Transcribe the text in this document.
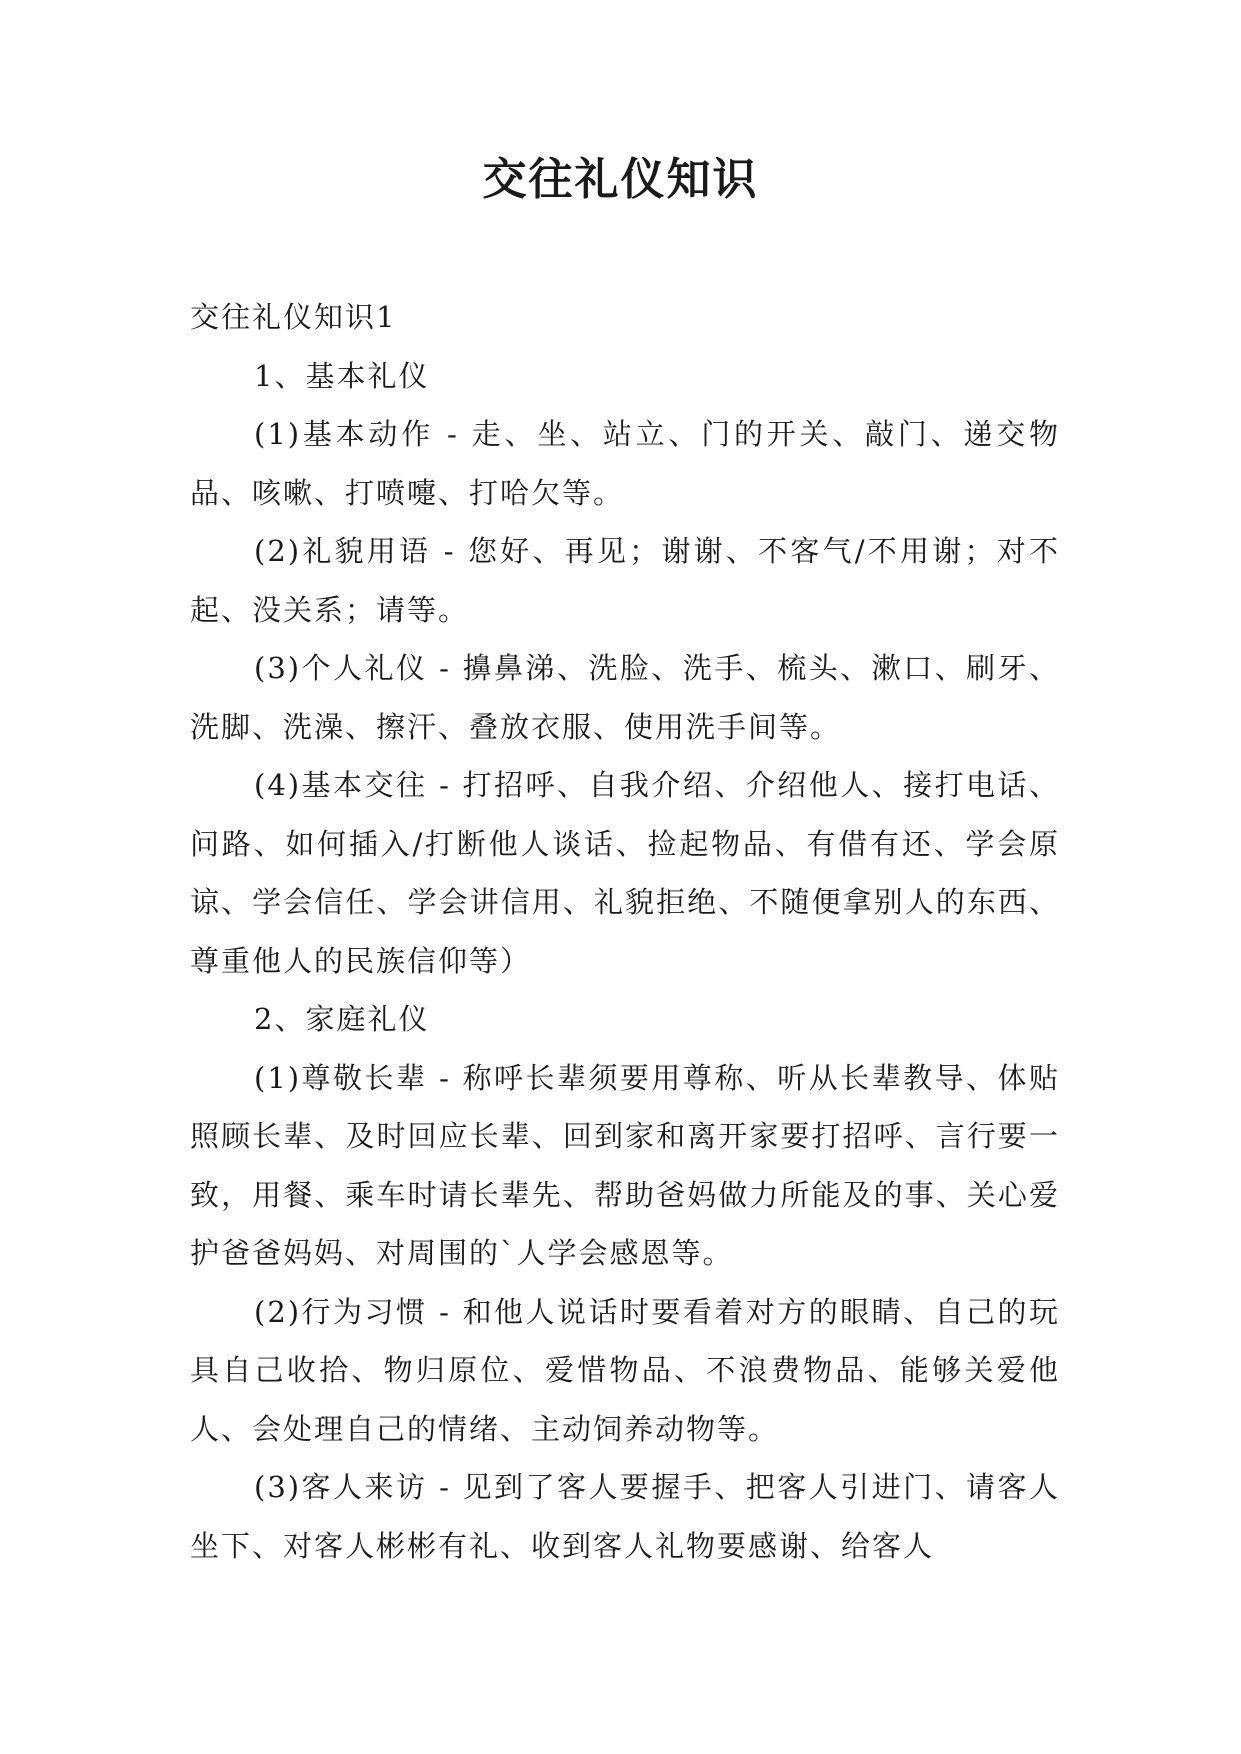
交往礼仪知识

交往礼仪知识1

1、基本礼仪

(1)基本动作 - 走、坐、站立、门的开关、敲门、递交物品、咳嗽、打喷嚏、打哈欠等。

(2)礼貌用语 - 您好、再见；谢谢、不客气/不用谢；对不起、没关系；请等。

(3)个人礼仪 - 擤鼻涕、洗脸、洗手、梳头、漱口、刷牙、洗脚、洗澡、擦汗、叠放衣服、使用洗手间等。

(4)基本交往 - 打招呼、自我介绍、介绍他人、接打电话、问路、如何插入/打断他人谈话、捡起物品、有借有还、学会原谅、学会信任、学会讲信用、礼貌拒绝、不随便拿别人的东西、尊重他人的民族信仰等）

2、家庭礼仪

(1)尊敬长辈 - 称呼长辈须要用尊称、听从长辈教导、体贴照顾长辈、及时回应长辈、回到家和离开家要打招呼、言行要一致，用餐、乘车时请长辈先、帮助爸妈做力所能及的事、关心爱护爸爸妈妈、对周围的`人学会感恩等。

(2)行为习惯 - 和他人说话时要看着对方的眼睛、自己的玩具自己收拾、物归原位、爱惜物品、不浪费物品、能够关爱他人、会处理自己的情绪、主动饲养动物等。

(3)客人来访 - 见到了客人要握手、把客人引进门、请客人坐下、对客人彬彬有礼、收到客人礼物要感谢、给客人
